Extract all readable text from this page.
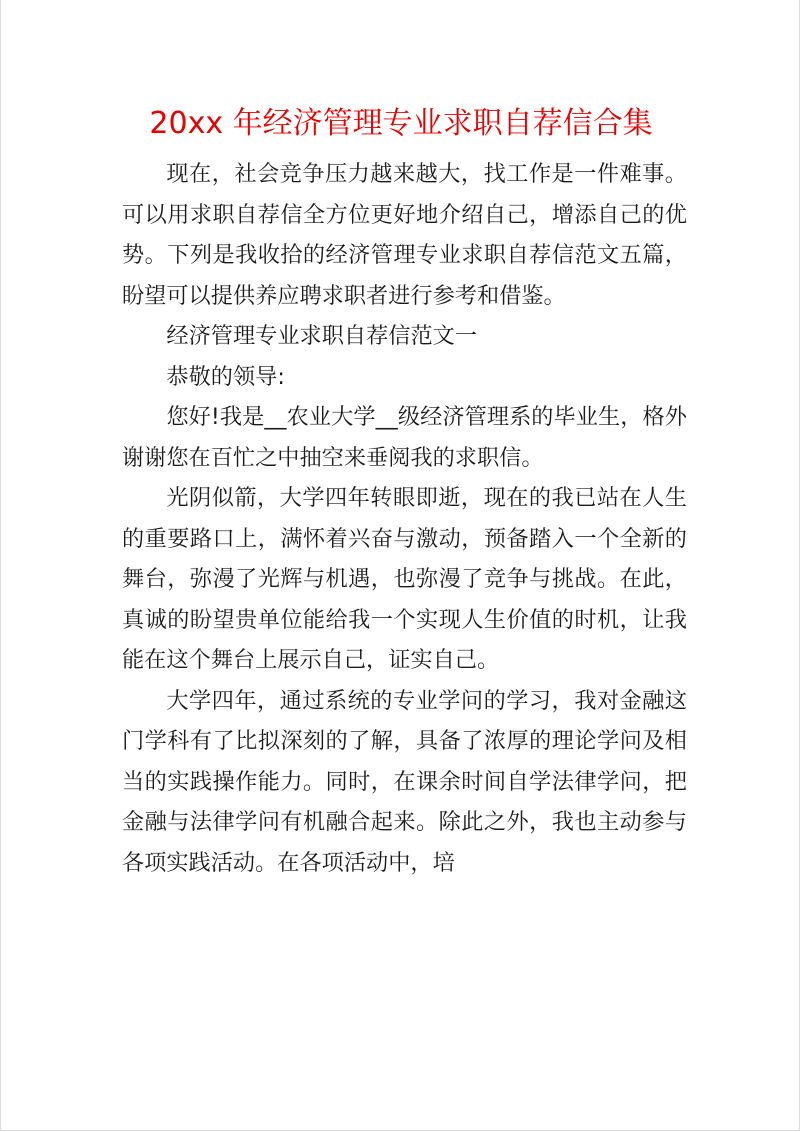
20xx 年经济管理专业求职自荐信合集

现在，社会竞争压力越来越大，找工作是一件难事。可以用求职自荐信全方位更好地介绍自己，增添自己的优势。下列是我收拾的经济管理专业求职自荐信范文五篇，盼望可以提供养应聘求职者进行参考和借鉴。

经济管理专业求职自荐信范文一

恭敬的领导:

您好!我是__农业大学__级经济管理系的毕业生，格外谢谢您在百忙之中抽空来垂阅我的求职信。

光阴似箭，大学四年转眼即逝，现在的我已站在人生的重要路口上，满怀着兴奋与激动，预备踏入一个全新的舞台，弥漫了光辉与机遇，也弥漫了竞争与挑战。在此，真诚的盼望贵单位能给我一个实现人生价值的时机，让我能在这个舞台上展示自己，证实自己。

大学四年，通过系统的专业学问的学习，我对金融这门学科有了比拟深刻的了解，具备了浓厚的理论学问及相当的实践操作能力。同时，在课余时间自学法律学问，把金融与法律学问有机融合起来。除此之外，我也主动参与各项实践活动。在各项活动中，培
